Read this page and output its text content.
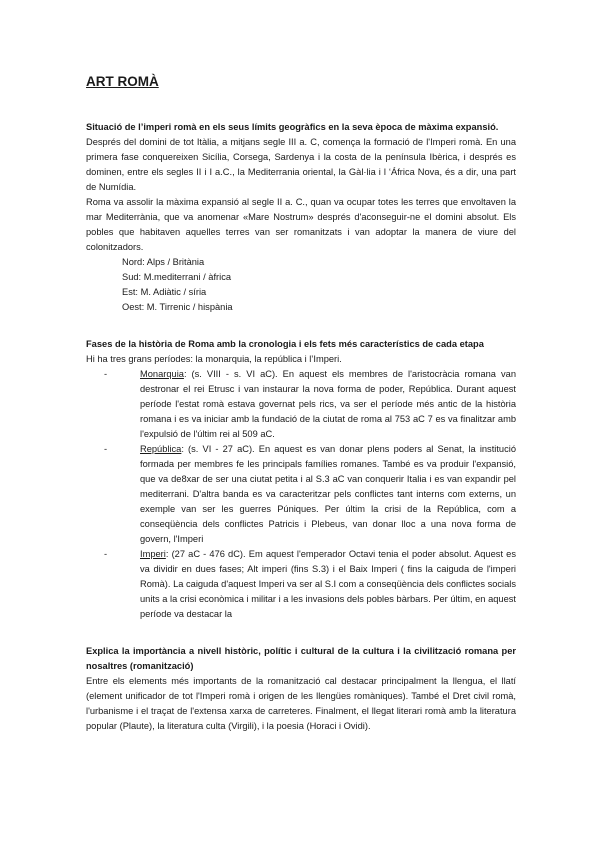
ART ROMÀ

Situació de l’imperi romà en els seus límits geogràfics en la seva època de màxima expansió.

Després del domini de tot Itàlia, a mitjans segle III a. C, comença la formació de l'Imperi romà. En una primera fase conquereixen Sicília, Corsega, Sardenya i la costa de la península Ibèrica, i després es dominen, entre els segles II i I a.C., la Mediterrania oriental, la Gàl·lia i l ‘África Nova, és a dir, una part de Numídia.

Roma va assolir la màxima expansió al segle II a. C., quan va ocupar totes les terres que envoltaven la mar Mediterrània, que va anomenar «Mare Nostrum» després d'aconseguir-ne el domini absolut. Els pobles que habitaven aquelles terres van ser romanitzats i van adoptar la manera de viure del colonitzadors.

Nord: Alps / Britània
Sud: M.mediterrani / àfrica
Est: M. Adiàtic / síria
Oest: M. Tirrenic / hispània

Fases de la història de Roma amb la cronologia i els fets més característics de cada etapa

Hi ha tres grans períodes: la monarquia, la república i l’Imperi.

-	Monarquia: (s. VIII - s. VI aC). En aquest els membres de l'aristocràcia romana van destronar el rei Etrusc i van instaurar la nova forma de poder, República. Durant aquest període l'estat romà estava governat pels rics, va ser el període més antic de la història romana i es va iniciar amb la fundació de la ciutat de roma al 753 aC 7 es va finalitzar amb l'expulsió de l'últim rei al 509 aC.
-	República: (s. VI - 27 aC). En aquest es van donar plens poders al Senat, la institució formada per membres fe les principals famílies romanes. També es va produir l'expansió, que va de8xar de ser una ciutat petita i al S.3 aC van conquerir Italia i es van expandir pel mediterrani. D'altra banda es va caracteritzar pels conflictes tant interns com externs, un exemple van ser les guerres Púniques. Per últim la crisi de la República, com a conseqüència dels conflictes Patricis i Plebeus, van donar lloc a una nova forma de govern, l'Imperi
-	Imperi: (27 aC - 476 dC). Em aquest l'emperador Octavi tenia el poder absolut. Aquest es va dividir en dues fases; Alt imperi (fins S.3) i el Baix Imperi ( fins la caiguda de l'imperi Romà). La caiguda d'aquest Imperi va ser al S.I com a conseqüència dels conflictes socials units a la crisi econòmica i militar i a les invasions dels pobles bàrbars. Per últim, en aquest període va destacar la

Explica la importància a nivell històric, polític i cultural de la cultura i la civilització romana per nosaltres (romanització)

Entre els elements més importants de la romanització cal destacar principalment la llengua, el llatí (element unificador de tot l'Imperi romà i origen de les llengües romàniques). També el Dret civil romà, l'urbanisme i el traçat de l'extensa xarxa de carreteres. Finalment, el llegat literari romà amb la literatura popular (Plaute), la literatura culta (Virgili), i la poesia (Horaci i Ovidi).
